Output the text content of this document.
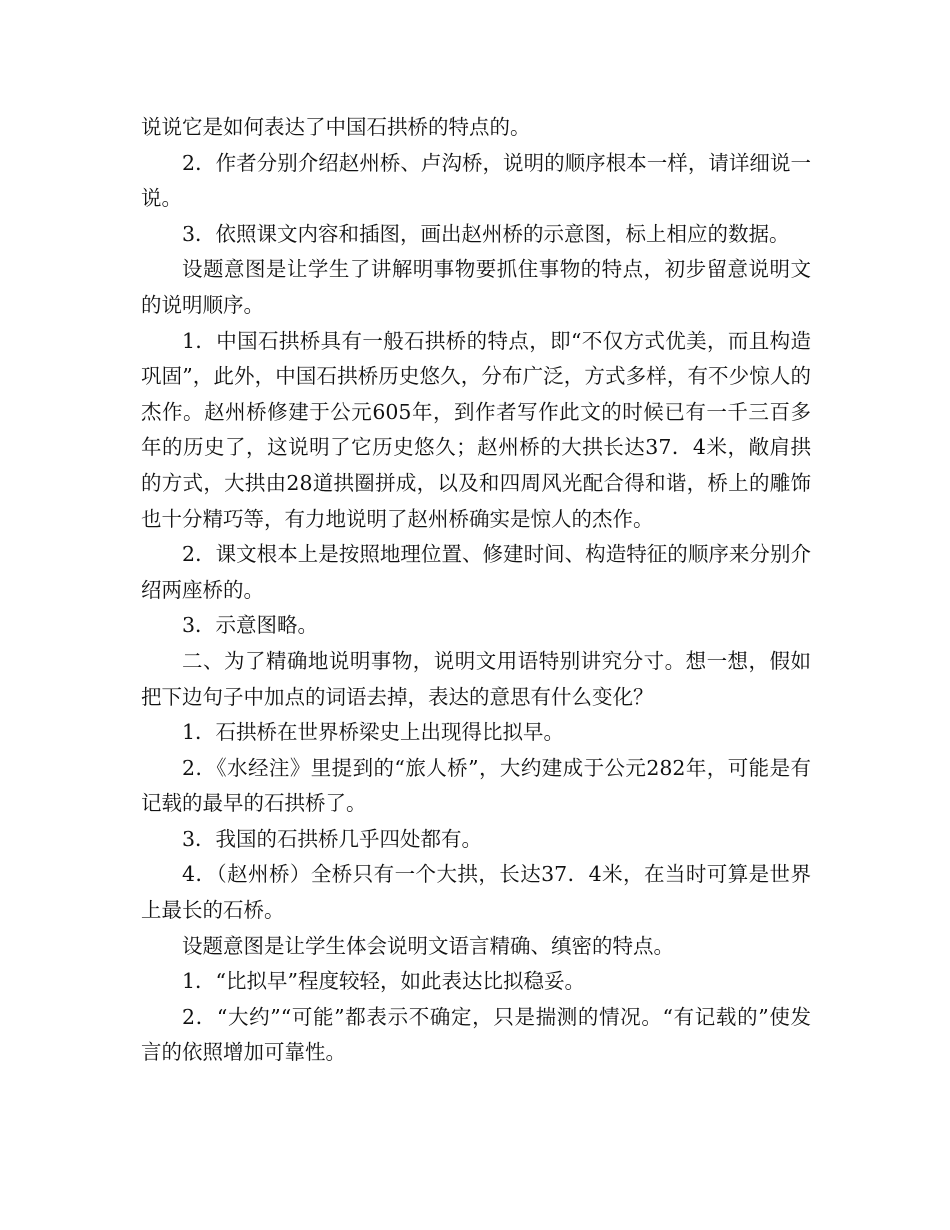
说说它是如何表达了中国石拱桥的特点的。

2．作者分别介绍赵州桥、卢沟桥，说明的顺序根本一样，请详细说一说。

3．依照课文内容和插图，画出赵州桥的示意图，标上相应的数据。

设题意图是让学生了讲解明事物要抓住事物的特点，初步留意说明文的说明顺序。

1．中国石拱桥具有一般石拱桥的特点，即“不仅方式优美，而且构造巩固”，此外，中国石拱桥历史悠久，分布广泛，方式多样，有不少惊人的杰作。赵州桥修建于公元605年，到作者写作此文的时候已有一千三百多年的历史了，这说明了它历史悠久；赵州桥的大拱长达37．4米，敞肩拱的方式，大拱由28道拱圈拼成，以及和四周风光配合得和谐，桥上的雕饰也十分精巧等，有力地说明了赵州桥确实是惊人的杰作。

2．课文根本上是按照地理位置、修建时间、构造特征的顺序来分别介绍两座桥的。

3．示意图略。

二、为了精确地说明事物，说明文用语特别讲究分寸。想一想，假如把下边句子中加点的词语去掉，表达的意思有什么变化？

1．石拱桥在世界桥梁史上出现得比拟早。

2．《水经注》里提到的“旅人桥”，大约建成于公元282年，可能是有记载的最早的石拱桥了。

3．我国的石拱桥几乎四处都有。

4．（赵州桥）全桥只有一个大拱，长达37．4米，在当时可算是世界上最长的石桥。

设题意图是让学生体会说明文语言精确、缜密的特点。

1．“比拟早”程度较轻，如此表达比拟稳妥。

2．“大约”“可能”都表示不确定，只是揣测的情况。“有记载的”使发言的依照增加可靠性。
